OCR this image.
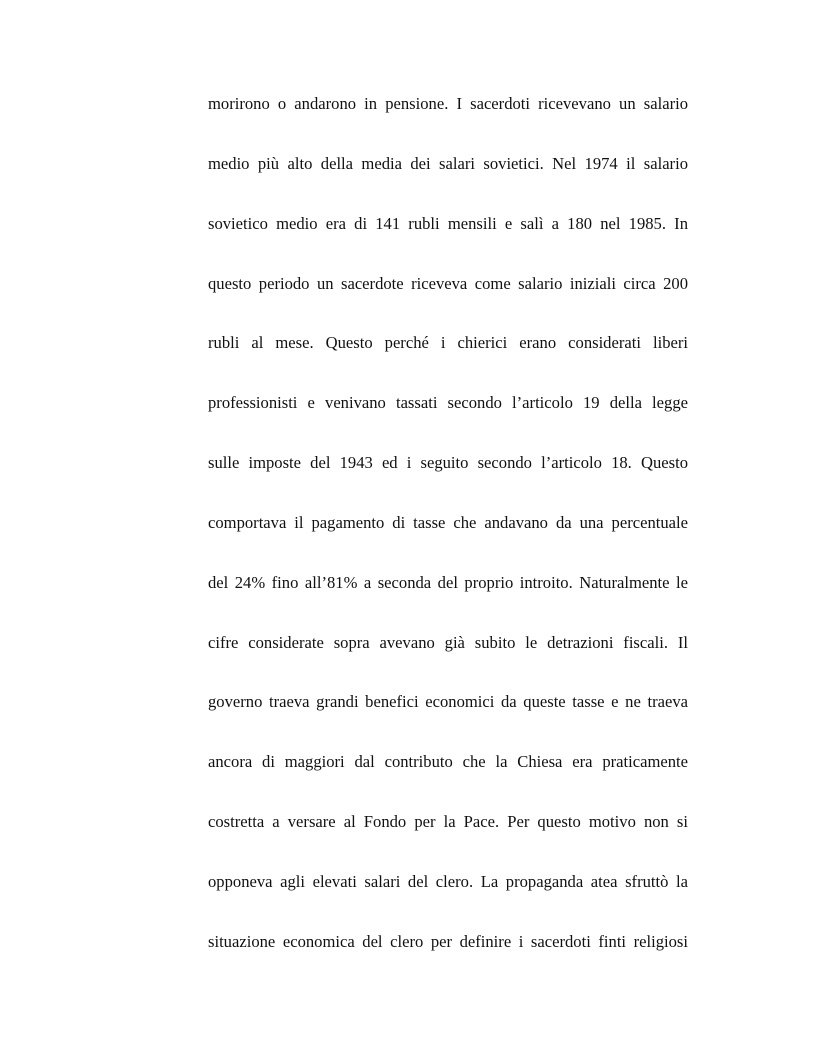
morirono o andarono in pensione. I sacerdoti ricevevano un salario
medio più alto della media dei salari sovietici. Nel 1974 il salario
sovietico medio era di 141 rubli mensili e salì a 180 nel 1985. In
questo periodo un sacerdote riceveva come salario iniziali circa 200
rubli al mese. Questo perché i chierici erano considerati liberi
professionisti e venivano tassati secondo l’articolo 19 della legge
sulle imposte del 1943 ed i seguito secondo l’articolo 18. Questo
comportava il pagamento di tasse che andavano da una percentuale
del 24% fino all’81% a seconda del proprio introito. Naturalmente le
cifre considerate sopra avevano già subito le detrazioni fiscali. Il
governo traeva grandi benefici economici da queste tasse e ne traeva
ancora di maggiori dal contributo che la Chiesa era praticamente
costretta a versare al Fondo per la Pace. Per questo motivo non si
opponeva agli elevati salari del clero. La propaganda atea sfruttò la
situazione economica del clero per definire i sacerdoti finti religiosi
